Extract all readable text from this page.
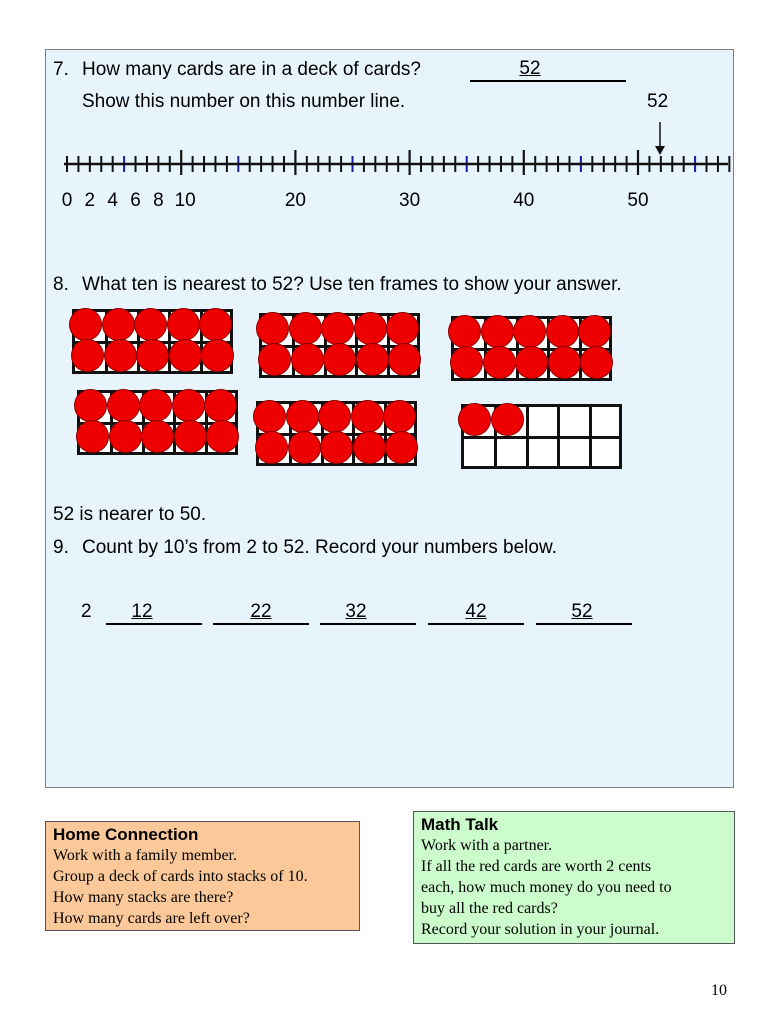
7. How many cards are in a deck of cards?	52
Show this number on this number line.	52
0 2 4 6 8 10	20	30	40	50
8. What ten is nearest to 52? Use ten frames to show your answer.
52 is nearer to 50.
9. Count by 10’s from 2 to 52. Record your numbers below.
2	12	22	32	42	52
Home Connection
Work with a family member.
Group a deck of cards into stacks of 10.
How many stacks are there?
How many cards are left over?
Math Talk
Work with a partner.
If all the red cards are worth 2 cents
each, how much money do you need to
buy all the red cards?
Record your solution in your journal.
10
